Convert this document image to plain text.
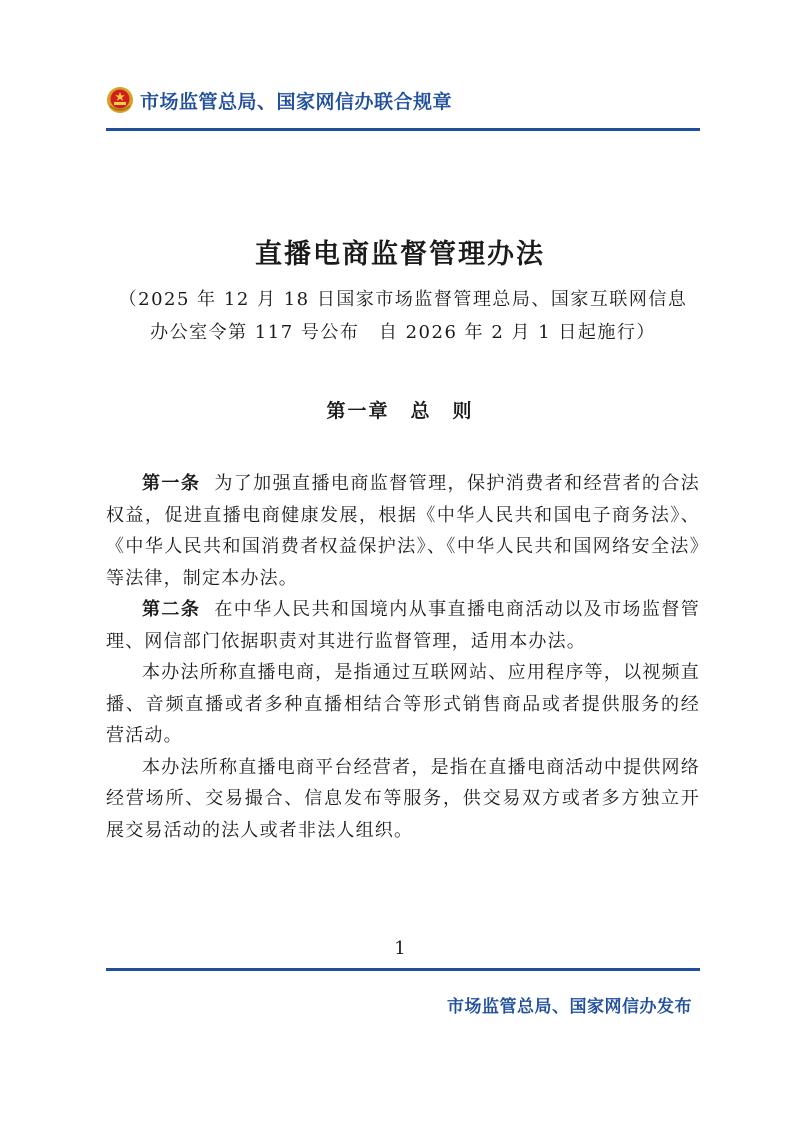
市场监管总局、国家网信办联合规章
直播电商监督管理办法
（2025 年 12 月 18 日国家市场监督管理总局、国家互联网信息
办公室令第 117 号公布　自 2026 年 2 月 1 日起施行）
第一章　总　则

第一条 为了加强直播电商监督管理，保护消费者和经营者的合法权益，促进直播电商健康发展，根据《中华人民共和国电子商务法》、《中华人民共和国消费者权益保护法》、《中华人民共和国网络安全法》等法律，制定本办法。

第二条 在中华人民共和国境内从事直播电商活动以及市场监督管理、网信部门依据职责对其进行监督管理，适用本办法。

本办法所称直播电商，是指通过互联网站、应用程序等，以视频直播、音频直播或者多种直播相结合等形式销售商品或者提供服务的经营活动。

本办法所称直播电商平台经营者，是指在直播电商活动中提供网络经营场所、交易撮合、信息发布等服务，供交易双方或者多方独立开展交易活动的法人或者非法人组织。

1
市场监管总局、国家网信办发布
